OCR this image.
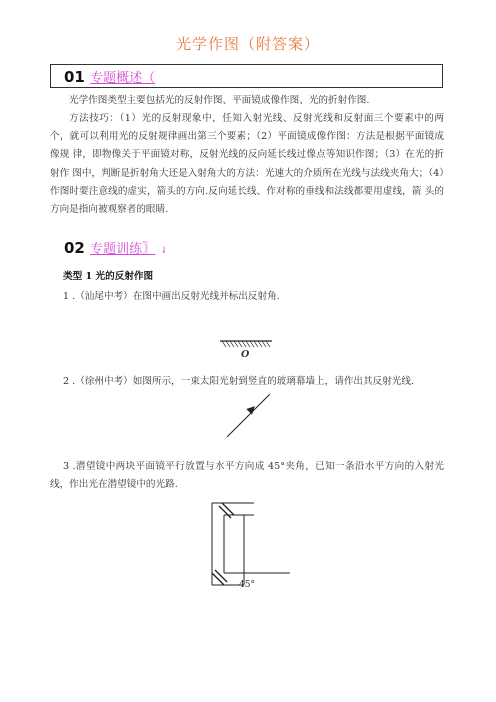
光学作图（附答案）
01 专题概述（

光学作图类型主要包括光的反射作图、平面镜成像作图、光的折射作图.

方法技巧：（1）光的反射现象中，任知入射光线、反射光线和反射面三个要素中的两个，就可以利用光的反射规律画出第三个要素；（2）平面镜成像作图：方法是根据平面镜成像规 律，即物像关于平面镜对称，反射光线的反向延长线过像点等知识作图；（3）在光的折射作 图中，判断是折射角大还是入射角大的方法：光速大的介质所在光线与法线夹角大；（4）作图时要注意线的虚实，箭头的方向.反向延长线、作对称的垂线和法线都要用虚线，箭 头的方向是指向被观察者的眼睛.

02 专题训练〗 ⇃
类型 1 光的反射作图
1 .（汕尾中考）在图中画出反射光线并标出反射角.
O
2 .（徐州中考）如图所示，一束太阳光射到竖直的玻璃幕墙上，请作出其反射光线.

3 .潜望镜中两块平面镜平行放置与水平方向成 45°夹角，已知一条沿水平方向的入射光线，作出光在潜望镜中的光路.

45°
